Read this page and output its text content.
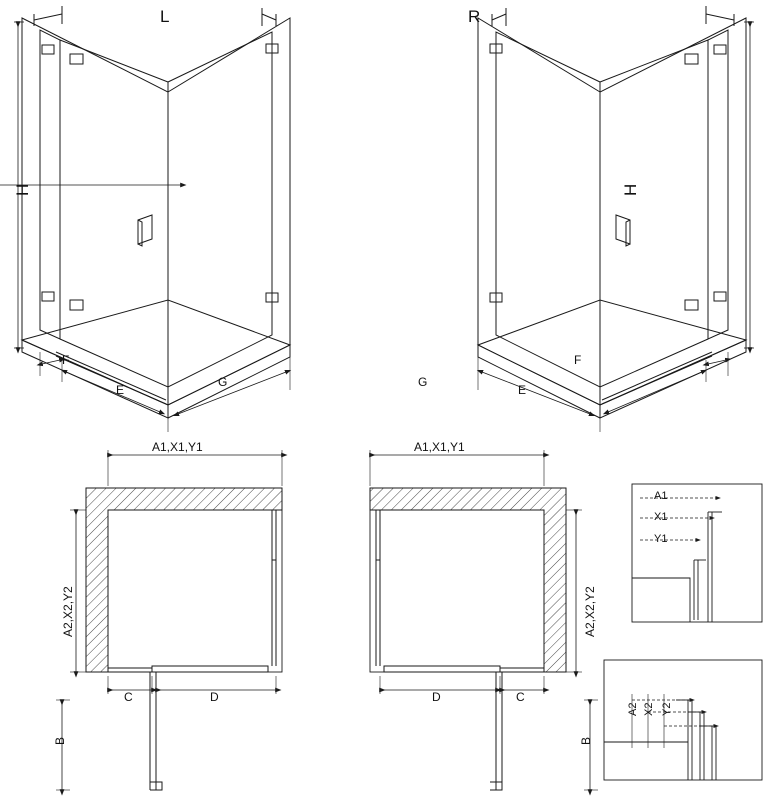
L	R
H	H
F
E
G
F
E
G
A1,X1,Y1	A1,X1,Y1
A2,X2,Y2	A2,X2,Y2
C	D	D	C
B	B
A1
X1
Y1
A2 X2 Y2
